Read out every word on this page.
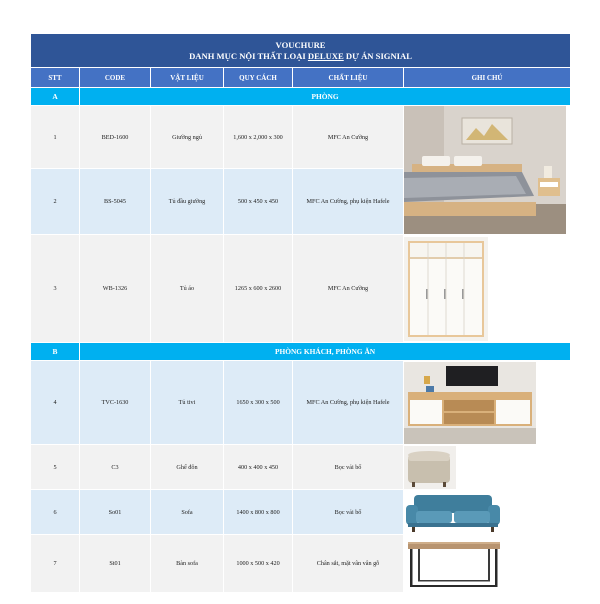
VOUCHURE
DANH MỤC NỘI THẤT LOẠI DELUXE DỰ ÁN SIGNIAL					

STT	CODE	VẬT LIỆU	QUY CÁCH	CHẤT LIỆU	GHI CHÚ
A	PHÒNG				
1	BED-1600	Giường ngủ	1,600 x 2,000 x 300	MFC An Cường	

2	BS-5045	Tủ đầu giường	500 x 450 x 450	MFC An Cường, phụ kiện Hafele	
3	WB-1326	Tủ áo	1265 x 600 x 2600	MFC An Cường	

B	PHÒNG KHÁCH, PHÒNG ĂN				
4	TVC-1630	Tủ tivi	1650 x 300 x 500	MFC An Cường, phụ kiện Hafele	

5	C3	Ghế đôn	400 x 400 x 450	Bọc vải bố	

6	So01	Sofa	1400 x 800 x 800	Bọc vải bố	

7	St01	Bàn sofa	1000 x 500 x 420	Chân sắt, mặt vân vân gỗ	
